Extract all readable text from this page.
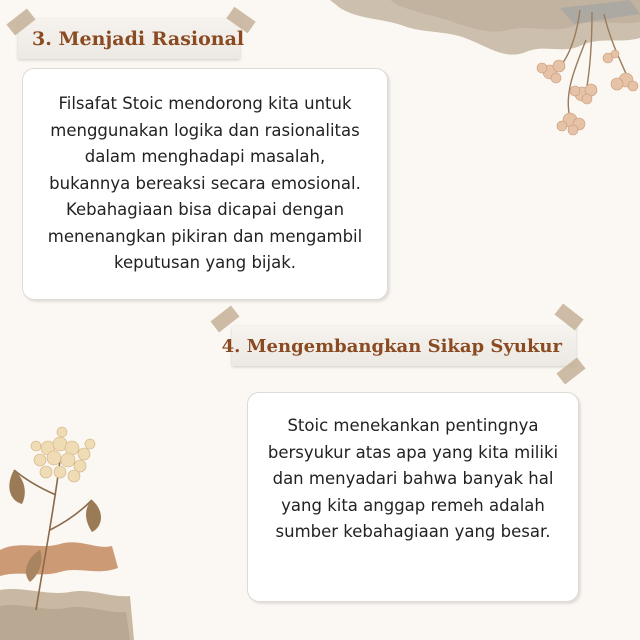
3. Menjadi Rasional
Filsafat Stoic mendorong kita untuk
menggunakan logika dan rasionalitas
dalam menghadapi masalah,
bukannya bereaksi secara emosional.
Kebahagiaan bisa dicapai dengan
menenangkan pikiran dan mengambil
keputusan yang bijak.
4. Mengembangkan Sikap Syukur
Stoic menekankan pentingnya
bersyukur atas apa yang kita miliki
dan menyadari bahwa banyak hal
yang kita anggap remeh adalah
sumber kebahagiaan yang besar.
